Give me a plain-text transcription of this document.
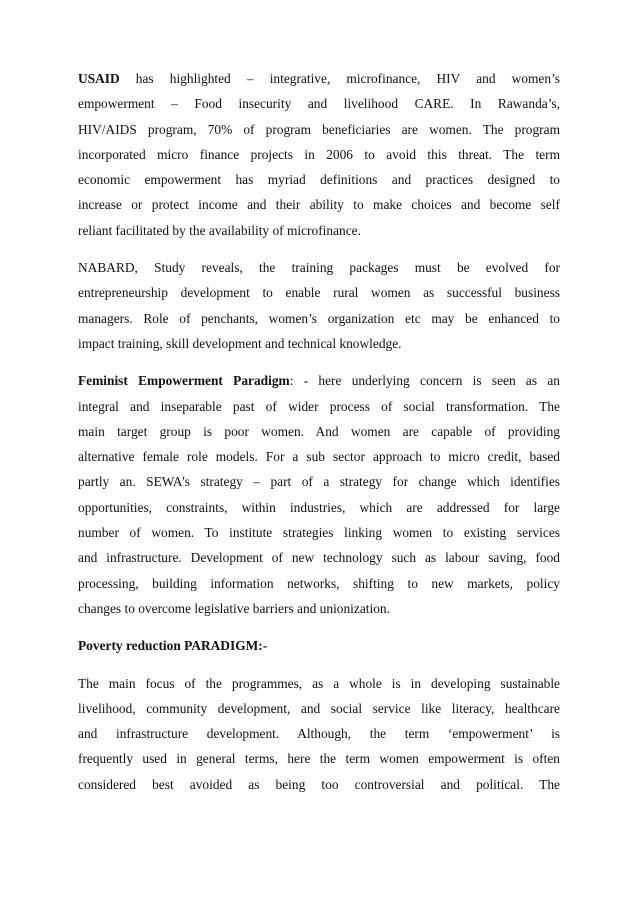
USAID has highlighted – integrative, microfinance, HIV and women’s
empowerment – Food insecurity and livelihood CARE. In Rawanda’s,
HIV/AIDS program, 70% of program beneficiaries are women. The program
incorporated micro finance projects in 2006 to avoid this threat. The term
economic empowerment has myriad definitions and practices designed to
increase or protect income and their ability to make choices and become self
reliant facilitated by the availability of microfinance.
NABARD, Study reveals, the training packages must be evolved for
entrepreneurship development to enable rural women as successful business
managers. Role of penchants, women’s organization etc may be enhanced to
impact training, skill development and technical knowledge.
Feminist Empowerment Paradigm: - here underlying concern is seen as an
integral and inseparable past of wider process of social transformation. The
main target group is poor women. And women are capable of providing
alternative female role models. For a sub sector approach to micro credit, based
partly an. SEWA’s strategy – part of a strategy for change which identifies
opportunities, constraints, within industries, which are addressed for large
number of women. To institute strategies linking women to existing services
and infrastructure. Development of new technology such as labour saving, food
processing, building information networks, shifting to new markets, policy
changes to overcome legislative barriers and unionization.
Poverty reduction PARADIGM:-
The main focus of the programmes, as a whole is in developing sustainable
livelihood, community development, and social service like literacy, healthcare
and infrastructure development. Although, the term ‘empowerment’ is
frequently used in general terms, here the term women empowerment is often
considered best avoided as being too controversial and political. The
